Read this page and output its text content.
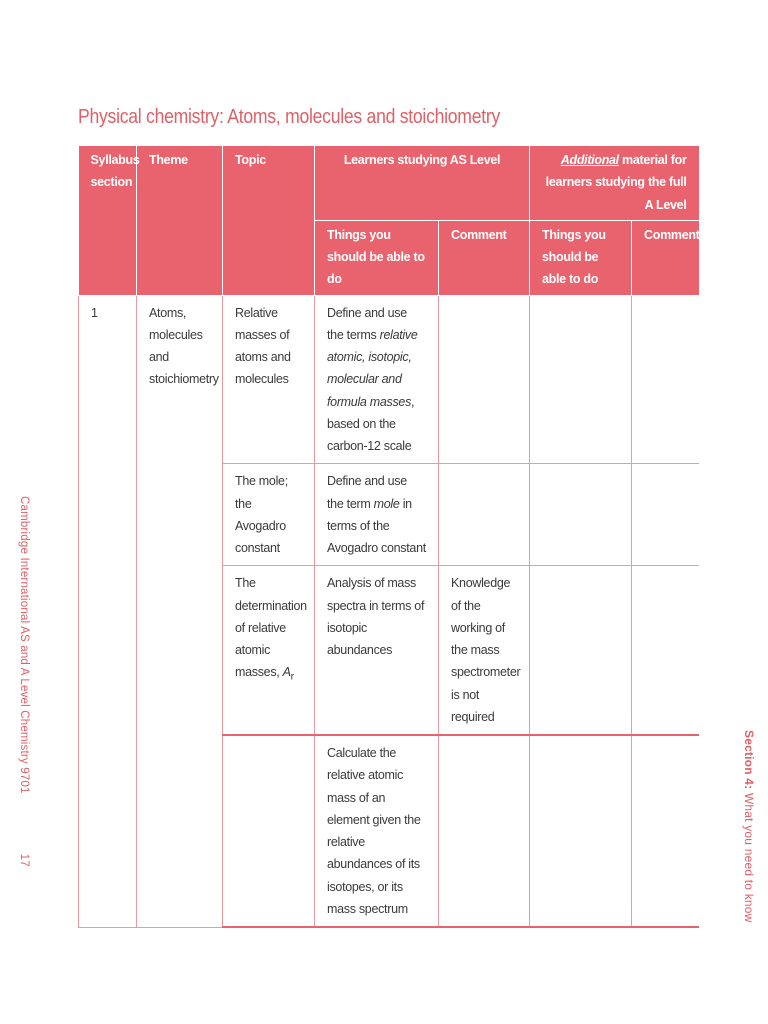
Physical chemistry: Atoms, molecules and stoichiometry
Syllabus section	Theme	Topic	Learners studying AS Level		Additional material for learners studying the full A Level	
			Things you should be able to do	Comment	Things you should be able to do	Comment
1	Atoms, molecules and stoichiometry	Relative masses of atoms and molecules	Define and use the terms relative atomic, isotopic, molecular and formula masses, based on the carbon-12 scale			
		The mole; the Avogadro constant	Define and use the term mole in terms of the Avogadro constant			
		The determination of relative atomic masses, $A_r$	Analysis of mass spectra in terms of isotopic abundances	Knowledge of the working of the mass spectrometer is not required		
			Calculate the relative atomic mass of an element given the relative abundances of its isotopes, or its mass spectrum			
Cambridge International AS and A Level Chemistry 970117
Section 4: What you need to know
